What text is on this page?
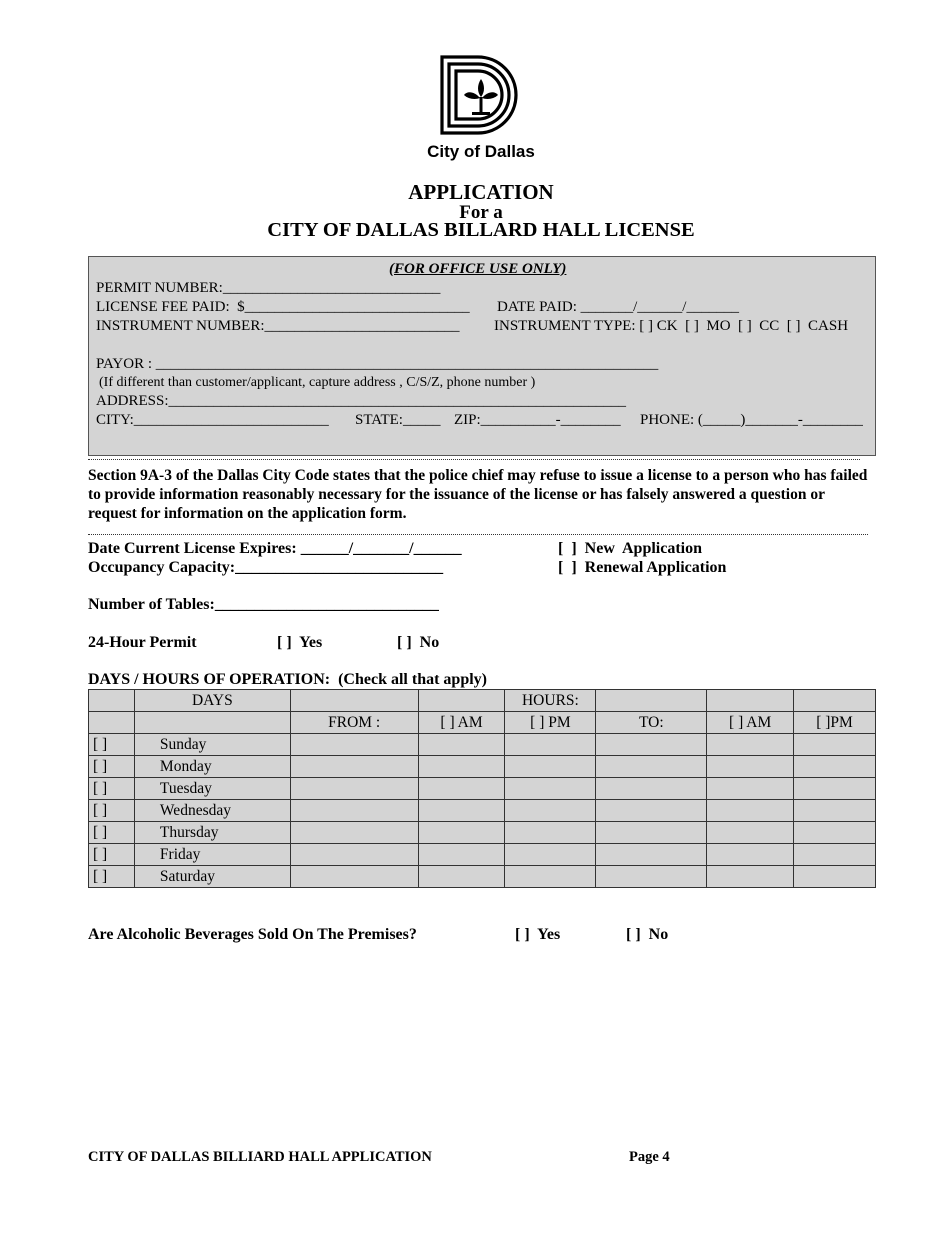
City of Dallas
APPLICATION
For a
CITY OF DALLAS BILLARD HALL LICENSE
(FOR OFFICE USE ONLY)
PERMIT NUMBER:_____________________________
LICENSE FEE PAID:  $______________________________ DATE PAID: _______/______/_______
INSTRUMENT NUMBER:__________________________ INSTRUMENT TYPE: [ ] CK  [ ]  MO  [ ]  CC  [ ]  CASH
PAYOR : ___________________________________________________________________
(If different than customer/applicant, capture address , C/S/Z, phone number )
ADDRESS:_____________________________________________________________
CITY:__________________________ STATE:_____ ZIP:__________-________ PHONE: (_____)_______-________
Section 9A-3 of the Dallas City Code states that the police chief may refuse to issue a license to a person who has failed to provide information reasonably necessary for the issuance of the license or has falsely answered a question or request for information on the application form.
Date Current License Expires: ______/_______/______
Occupancy Capacity:__________________________
[  ]  New  Application
[  ]  Renewal Application
Number of Tables:____________________________
24-Hour Permit	[ ]  Yes	[ ]  No
DAYS / HOURS OF OPERATION:  (Check all that apply)
	DAYS			HOURS:			
		FROM :	[ ] AM	[ ] PM	TO:	[ ] AM	[ ]PM
[ ]	Sunday						
[ ]	Monday						
[ ]	Tuesday						
[ ]	Wednesday						
[ ]	Thursday						
[ ]	Friday						
[ ]	Saturday						
Are Alcoholic Beverages Sold On The Premises?	[ ]  Yes	[ ]  No
CITY OF DALLAS BILLIARD HALL APPLICATION	Page 4
